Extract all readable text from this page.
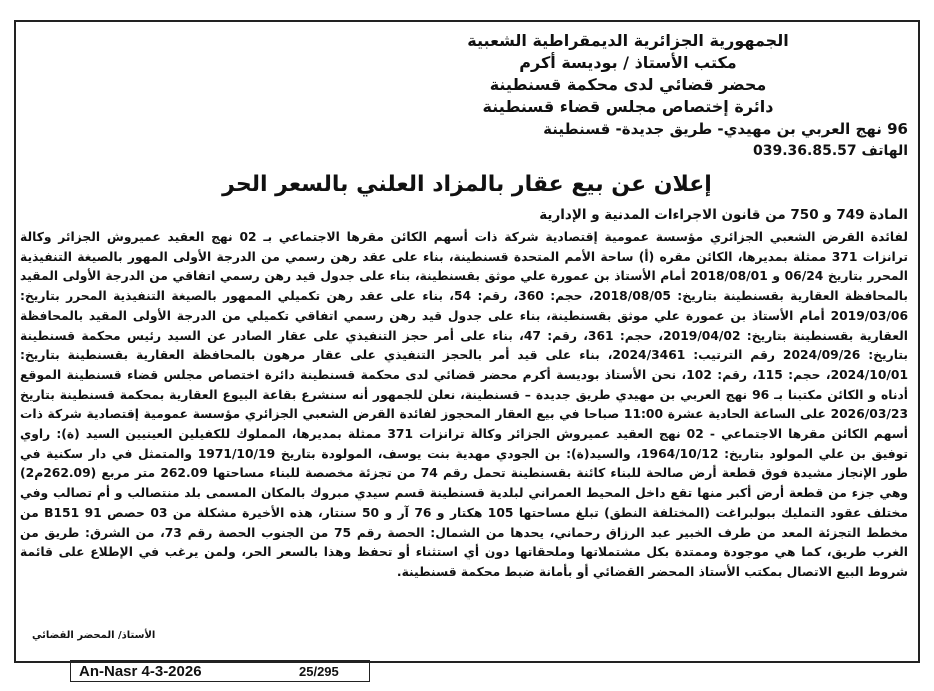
الجمهورية الجزائرية الديمقراطية الشعبية
مكتب الأستاذ / بوديسة أكرم
محضر قضائي لدى محكمة قسنطينة
دائرة إختصاص مجلس قضاء قسنطينة
96 نهج العربي بن مهيدي- طريق جديدة- قسنطينة
الهاتف 039.36.85.57
إعلان عن بيع عقار بالمزاد العلني بالسعر الحر
المادة 749 و 750 من قانون الاجراءات المدنية و الإدارية
لفائدة القرض الشعبي الجزائري مؤسسة عمومية إقتصادية شركة ذات أسهم الكائن مقرها الاجتماعي بـ 02 نهج العقيد عميروش الجزائر وكالة ترانزات 371 ممثلة بمديرها، الكائن مقره (أ) ساحة الأمم المتحدة قسنطينة، بناء على عقد رهن رسمي من الدرجة الأولى المهور بالصيغة التنفيذية المحرر بتاريخ 06/24 و 2018/08/01 أمام الأستاذ بن عمورة علي موثق بقسنطينة، بناء على جدول قيد رهن رسمي اتفاقي من الدرجة الأولى المقيد بالمحافظة العقارية بقسنطينة بتاريخ: 2018/08/05، حجم: 360، رقم: 54، بناء على عقد رهن تكميلي الممهور بالصيغة التنفيذية المحرر بتاريخ: 2019/03/06 أمام الأستاذ بن عمورة علي موثق بقسنطينة، بناء على جدول قيد رهن رسمي اتفاقي تكميلي من الدرجة الأولى المقيد بالمحافظة العقارية بقسنطينة بتاريخ: 2019/04/02، حجم: 361، رقم: 47، بناء على أمر حجز التنفيذي على عقار الصادر عن السيد رئيس محكمة قسنطينة بتاريخ: 2024/09/26 رقم الترتيب: 2024/3461، بناء على قيد أمر بالحجز التنفيذي على عقار مرهون بالمحافظة العقارية بقسنطينة بتاريخ: 2024/10/01، حجم: 115، رقم: 102، نحن الأستاذ بوديسة أكرم محضر قضائي لدى محكمة قسنطينة دائرة اختصاص مجلس قضاء قسنطينة الموقع أدناه و الكائن مكتبنا بـ 96 نهج العربي بن مهيدي طريق جديدة – قسنطينة، نعلن للجمهور أنه سنشرع بقاعة البيوع العقارية بمحكمة قسنطينة بتاريخ 2026/03/23 على الساعة الحادية عشرة 11:00 صباحا في بيع العقار المحجوز لفائدة القرض الشعبي الجزائري مؤسسة عمومية إقتصادية شركة ذات أسهم الكائن مقرها الاجتماعي - 02 نهج العقيد عميروش الجزائر وكالة ترانزات 371 ممثلة بمديرها، المملوك للكفيلين العينيين السيد (ة): راوي توفيق بن علي المولود بتاريخ: 1964/10/12، والسيد(ة): بن الجودي مهدية بنت يوسف، المولودة بتاريخ 1971/10/19 والمتمثل في دار سكنية في طور الإنجاز مشيدة فوق قطعة أرض صالحة للبناء كائنة بقسنطينة تحمل رقم 74 من تجزئة مخصصة للبناء مساحتها 262.09 متر مربع (262.09م2) وهي جزء من قطعة أرض أكبر منها تقع داخل المحيط العمراني لبلدية قسنطينة قسم سيدي مبروك بالمكان المسمى بلد منتصالب و أم تصالب وفي مختلف عقود التمليك ببولبراغت (المختلفة النطق) تبلغ مساحتها 105 هكتار و 76 آر و 50 سنتار، هذه الأخيرة مشكلة من 03 حصص B151 91 من مخطط التجزئة المعد من طرف الخبير عبد الرزاق رحماني، يحدها من الشمال: الحصة رقم 75 من الجنوب الحصة رقم 73، من الشرق: طريق من الغرب طريق، كما هي موجودة وممتدة بكل مشتملاتها وملحقاتها دون أي استثناء أو تحفظ وهذا بالسعر الحر، ولمن يرغب في الإطلاع على قائمة شروط البيع الاتصال بمكتب الأستاذ المحضر القضائي أو بأمانة ضبط محكمة قسنطينة.
الأستاذ/ المحضر القضائي
An-Nasr 4-3-2026	25/295
